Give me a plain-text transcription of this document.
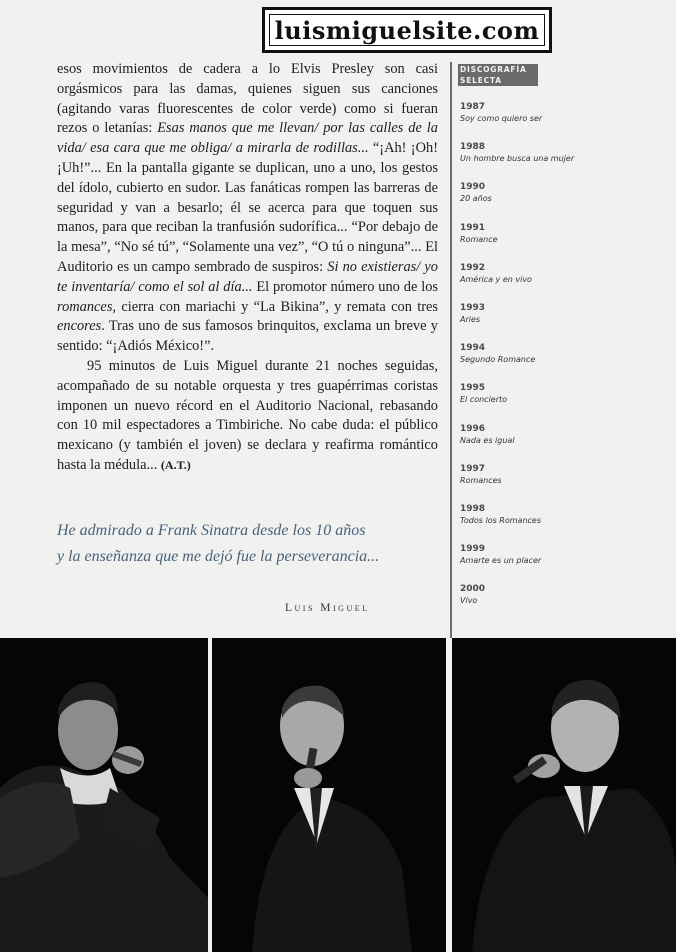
luismiguelsite.com

esos movimientos de cadera a lo Elvis Presley son casi orgásmicos para las damas, quienes siguen sus canciones (agitando varas fluorescentes de color verde) como si fueran rezos o letanías: Esas manos que me llevan/ por las calles de la vida/ esa cara que me obliga/ a mirarla de rodillas... “¡Ah! ¡Oh! ¡Uh!”... En la pantalla gigante se duplican, uno a uno, los gestos del ídolo, cubierto en sudor. Las fanáticas rompen las barreras de seguridad y van a besarlo; él se acerca para que toquen sus manos, para que reciban la tranfusión sudorífica... “Por debajo de la mesa”, “No sé tú”, “Solamente una vez”, “O tú o ninguna”... El Auditorio es un campo sembrado de suspiros: Si no existieras/ yo te inventaría/ como el sol al día... El promotor número uno de los romances, cierra con mariachi y “La Bikina”, y remata con tres encores. Tras uno de sus famosos brinquitos, exclama un breve y sentido: “¡Adiós México!”.

95 minutos de Luis Miguel durante 21 noches seguidas, acompañado de su notable orquesta y tres guapérrimas coristas imponen un nuevo récord en el Auditorio Nacional, rebasando con 10 mil espectadores a Timbiriche. No cabe duda: el público mexicano (y también el joven) se declara y reafirma romántico hasta la médula... (A.T.)

He admirado a Frank Sinatra desde los 10 años
y la enseñanza que me dejó fue la perseverancia...
Luis Miguel
DISCOGRAFÍA
SELECTA
1987
Soy como quiero ser
1988
Un hombre busca una mujer
1990
20 años
1991
Romance
1992
América y en vivo
1993
Aries
1994
Segundo Romance
1995
El concierto
1996
Nada es igual
1997
Romances
1998
Todos los Romances
1999
Amarte es un placer
2000
Vivo
